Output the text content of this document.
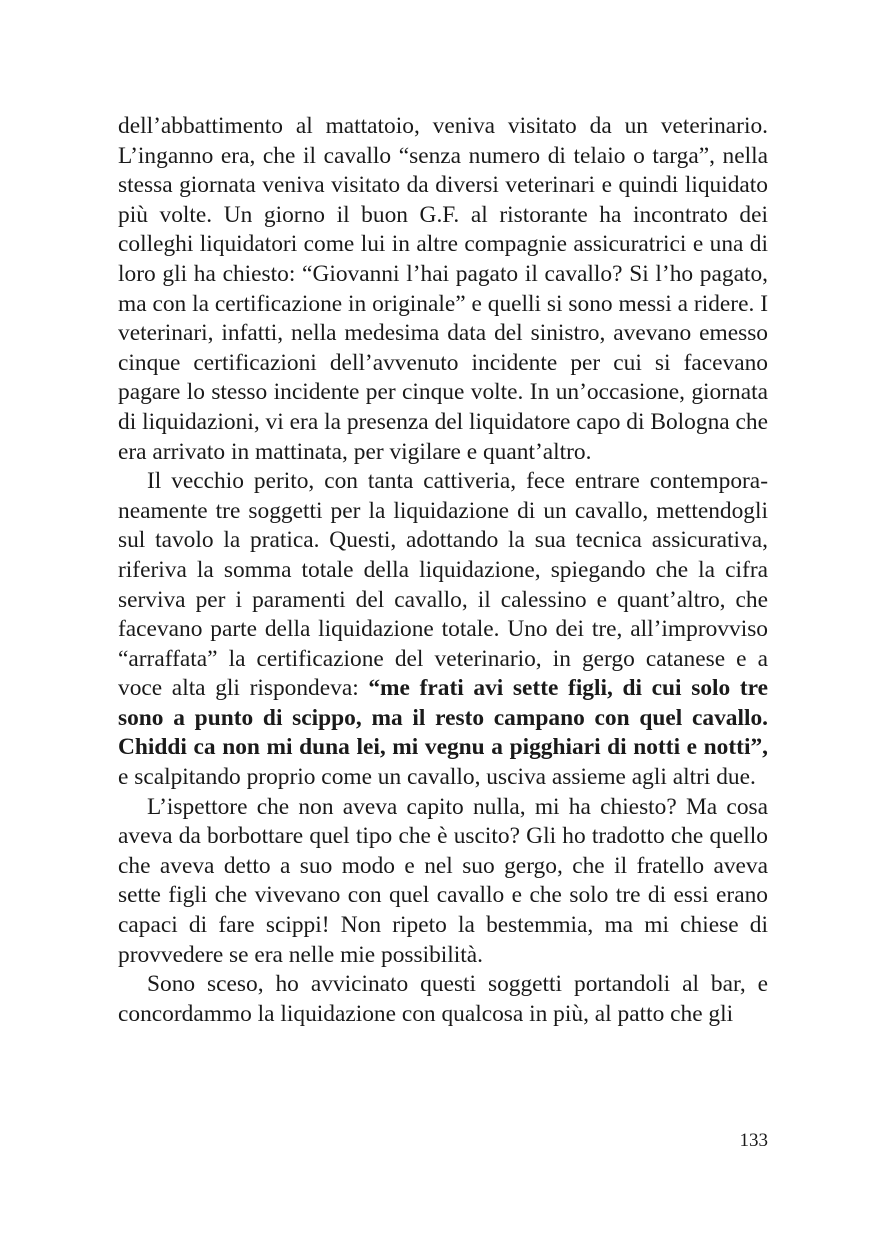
dell’abbattimento al mattatoio, veniva visitato da un veterinario. L’inganno era, che il cavallo “senza numero di telaio o targa”, nella stessa giornata veniva visitato da diversi veterinari e quindi liquidato più volte. Un giorno il buon G.F. al ristorante ha incontrato dei colleghi liquidatori come lui in altre compagnie assicuratrici e una di loro gli ha chiesto: “Giovanni l’hai pagato il cavallo? Si l’ho pagato, ma con la certificazione in originale” e quelli si sono messi a ridere. I veterinari, infatti, nella medesima data del sinistro, avevano emesso cinque certificazioni dell’avvenuto incidente per cui si facevano pagare lo stesso incidente per cinque volte. In un’occasione, giornata di liquidazioni, vi era la presenza del liquidatore capo di Bologna che era arrivato in mattinata, per vigilare e quant’altro.

Il vecchio perito, con tanta cattiveria, fece entrare contemporaneamente tre soggetti per la liquidazione di un cavallo, mettendogli sul tavolo la pratica. Questi, adottando la sua tecnica assicurativa, riferiva la somma totale della liquidazione, spiegando che la cifra serviva per i paramenti del cavallo, il calessino e quant’altro, che facevano parte della liquidazione totale. Uno dei tre, all’improvviso “arraffata” la certificazione del veterinario, in gergo catanese e a voce alta gli rispondeva: “me frati avi sette figli, di cui solo tre sono a punto di scippo, ma il resto campano con quel cavallo. Chiddi ca non mi duna lei, mi vegnu a pigghiari di notti e notti”, e scalpitando proprio come un cavallo, usciva assieme agli altri due.

L’ispettore che non aveva capito nulla, mi ha chiesto? Ma cosa aveva da borbottare quel tipo che è uscito? Gli ho tradotto che quello che aveva detto a suo modo e nel suo gergo, che il fratello aveva sette figli che vivevano con quel cavallo e che solo tre di essi erano capaci di fare scippi! Non ripeto la bestemmia, ma mi chiese di provvedere se era nelle mie possibilità.

Sono sceso, ho avvicinato questi soggetti portandoli al bar, e concordammo la liquidazione con qualcosa in più, al patto che gli

133
